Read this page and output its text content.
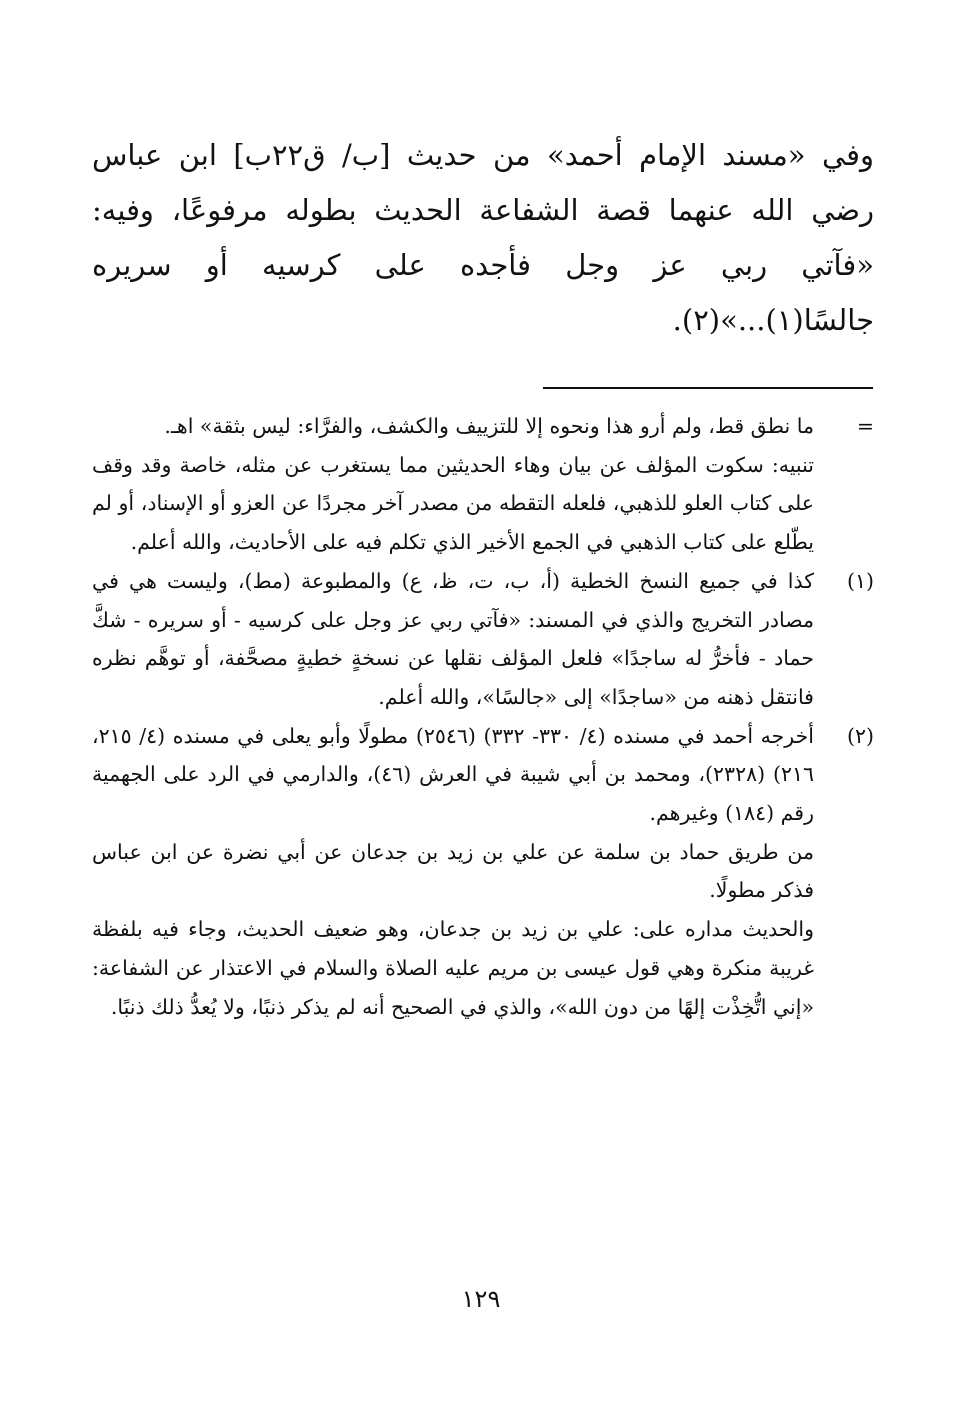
وفي «مسند الإمام أحمد» من حديث [ب/ ق٢٢ب] ابن عباس رضي الله عنهما قصة الشفاعة الحديث بطوله مرفوعًا، وفيه: «فآتي ربي عز وجل فأجده على كرسيه أو سريره جالسًا(١)...»(٢).

=

ما نطق قط، ولم أرو هذا ونحوه إلا للتزييف والكشف، والفرَّاء: ليس بثقة» اهـ.

تنبيه: سكوت المؤلف عن بيان وهاء الحديثين مما يستغرب عن مثله، خاصة وقد وقف على كتاب العلو للذهبي، فلعله التقطه من مصدر آخر مجردًا عن العزو أو الإسناد، أو لم يطّلع على كتاب الذهبي في الجمع الأخير الذي تكلم فيه على الأحاديث، والله أعلم.

(١)

كذا في جميع النسخ الخطية (أ، ب، ت، ظ، ع) والمطبوعة (مط)، وليست هي في مصادر التخريج والذي في المسند: «فآتي ربي عز وجل على كرسيه - أو سريره - شكَّ حماد - فأخرُّ له ساجدًا» فلعل المؤلف نقلها عن نسخةٍ خطيةٍ مصحَّفة، أو توهَّم نظره فانتقل ذهنه من «ساجدًا» إلى «جالسًا»، والله أعلم.

(٢)

أخرجه أحمد في مسنده (٤/ ٣٣٠- ٣٣٢) (٢٥٤٦) مطولًا وأبو يعلى في مسنده (٤/ ٢١٥، ٢١٦) (٢٣٢٨)، ومحمد بن أبي شيبة في العرش (٤٦)، والدارمي في الرد على الجهمية رقم (١٨٤) وغيرهم.

من طريق حماد بن سلمة عن علي بن زيد بن جدعان عن أبي نضرة عن ابن عباس فذكر مطولًا.

والحديث مداره على: علي بن زيد بن جدعان، وهو ضعيف الحديث، وجاء فيه بلفظة غريبة منكرة وهي قول عيسى بن مريم عليه الصلاة والسلام في الاعتذار عن الشفاعة: «إني اتُّخِذْت إلهًا من دون الله»، والذي في الصحيح أنه لم يذكر ذنبًا، ولا يُعدُّ ذلك ذنبًا.

١٢٩
